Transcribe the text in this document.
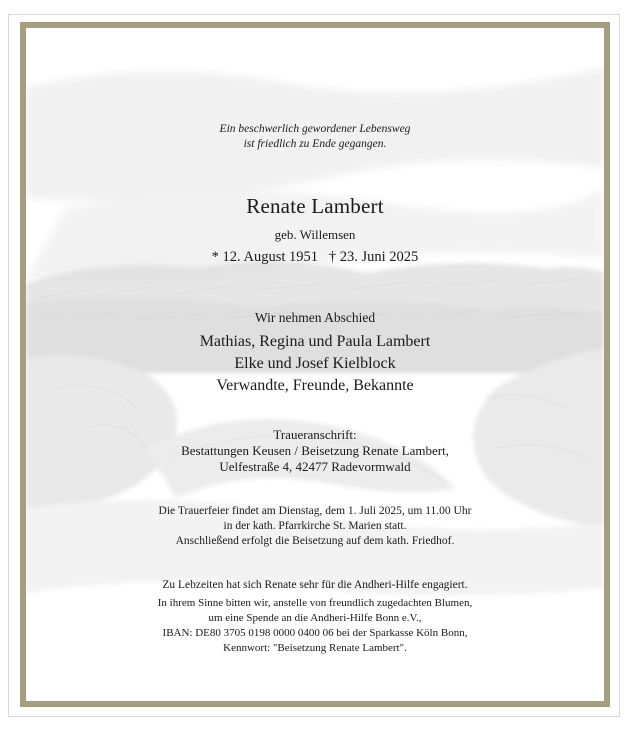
Ein beschwerlich gewordener Lebensweg
ist friedlich zu Ende gegangen.
Renate Lambert
geb. Willemsen
* 12. August 1951   † 23. Juni 2025
Wir nehmen Abschied
Mathias, Regina und Paula Lambert
Elke und Josef Kielblock
Verwandte, Freunde, Bekannte
Traueranschrift:
Bestattungen Keusen / Beisetzung Renate Lambert,
Uelfestraße 4, 42477 Radevormwald
Die Trauerfeier findet am Dienstag, dem 1. Juli 2025, um 11.00 Uhr
in der kath. Pfarrkirche St. Marien statt.
Anschließend erfolgt die Beisetzung auf dem kath. Friedhof.
Zu Lebzeiten hat sich Renate sehr für die Andheri-Hilfe engagiert.
In ihrem Sinne bitten wir, anstelle von freundlich zugedachten Blumen,
um eine Spende an die Andheri-Hilfe Bonn e.V.,
IBAN: DE80 3705 0198 0000 0400 06 bei der Sparkasse Köln Bonn,
Kennwort: "Beisetzung Renate Lambert".
